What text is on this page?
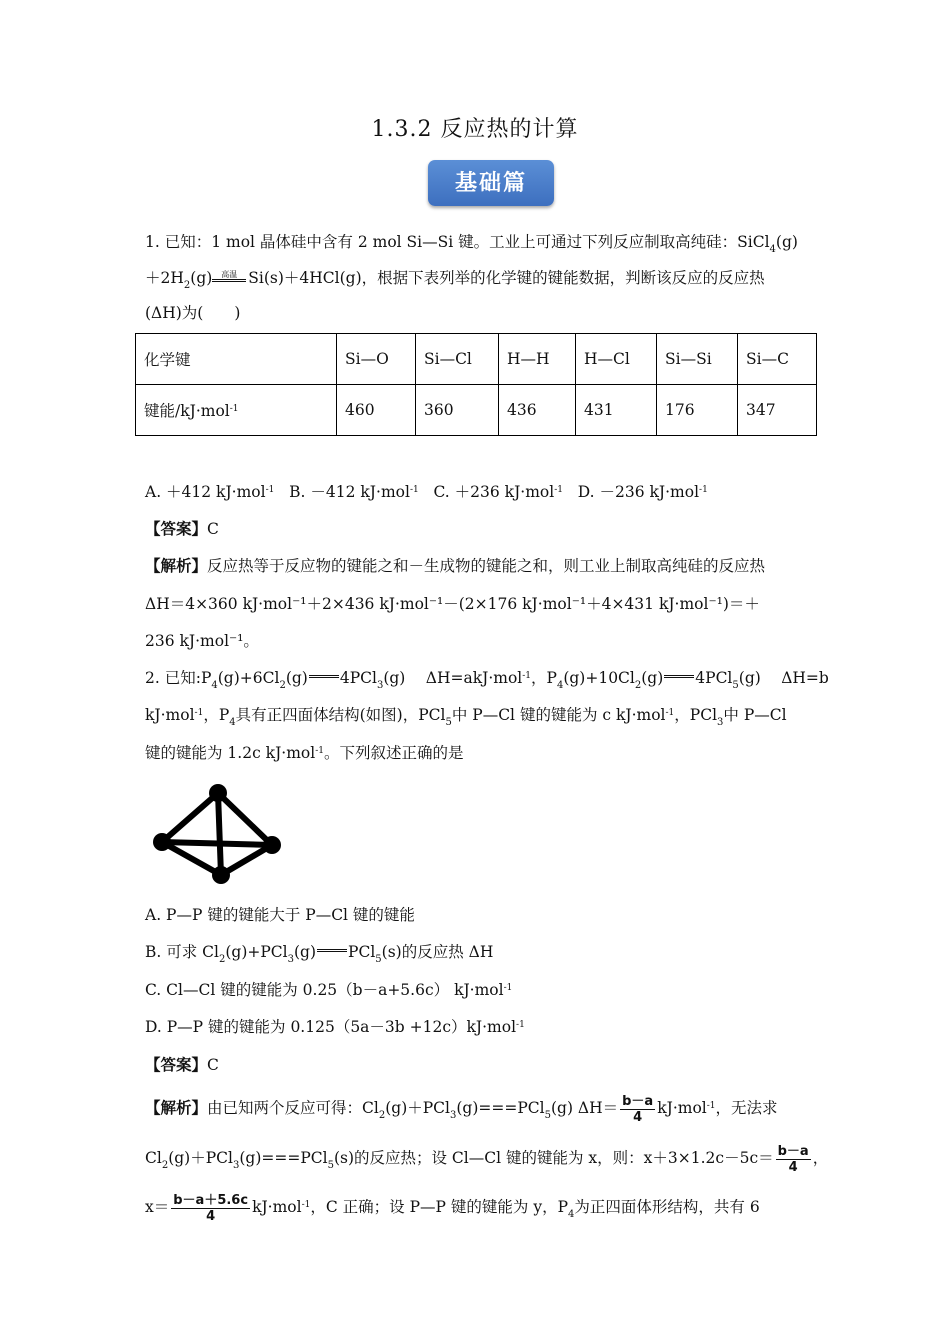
1.3.2 反应热的计算
基础篇
1. 已知：1 mol 晶体硅中含有 2 mol Si—Si 键。工业上可通过下列反应制取高纯硅：SiCl$_4$(g)
$+2H_2(g)$ 高温 Si(s)＋4HCl(g)，根据下表列举的化学键的键能数据，判断该反应的反应热
(ΔH)为(　　)
化学键	Si—O	Si—Cl	H—H	H—Cl	Si—Si	Si—C
键能/kJ·mol$^{-1}$	460	360	436	431	176	347
A. ＋412 kJ·mol$^{-1}$ B. －412 kJ·mol$^{-1}$ C. ＋236 kJ·mol$^{-1}$ D. －236 kJ·mol$^{-1}$
【答案】C
【解析】反应热等于反应物的键能之和－生成物的键能之和，则工业上制取高纯硅的反应热
ΔH＝4×360 kJ·mol⁻¹＋2×436 kJ·mol⁻¹－(2×176 kJ·mol⁻¹＋4×431 kJ·mol⁻¹)＝＋
236 kJ·mol⁻¹。
2. 已知$:P_4(g)+6Cl_2(g)$ 4PCl$_3$(g)　 ΔH=akJ·mol$^{-1}$，$P_4(g)+10Cl_2(g)$ 4PCl$_5$(g)　 ΔH=b
kJ·mol$^{-1}$，$P_4$具有正四面体结构(如图)，PCl$_5$中 P—Cl 键的键能为 c kJ·mol$^{-1}$，PCl$_3$中 P—Cl
键的键能为 1.2c kJ·mol$^{-1}$。下列叙述正确的是
A. P—P 键的键能大于 P—Cl 键的键能
B. 可求 $Cl_2(g)+PCl_3(g)$ PCl$_5$(s)的反应热 ΔH
C. Cl—Cl 键的键能为 0.25（b－a+5.6c） kJ·mol$^{-1}$
D. P—P 键的键能为 0.125（5a－3b +12c）kJ·mol$^{-1}$
【答案】C
【解析】由已知两个反应可得：$Cl_2(g)+PCl_3(g)===PCl_5(g)$ $\Delta H= \frac{b-a}{4} kJ\cdot mol^{-1}$，无法求
$Cl_2(g)+PCl_3(g)===PCl_5(s)$的反应热；设 Cl—Cl 键的键能为 x，则：$x+3\times 1.2c-5c= \frac{b-a}{4}$ ，
$x= \frac{b-a+5.6c}{4} kJ\cdot mol^{-1}$，C 正确；设 P—P 键的键能为 y，$P_4$为正四面体形结构，共有 6
